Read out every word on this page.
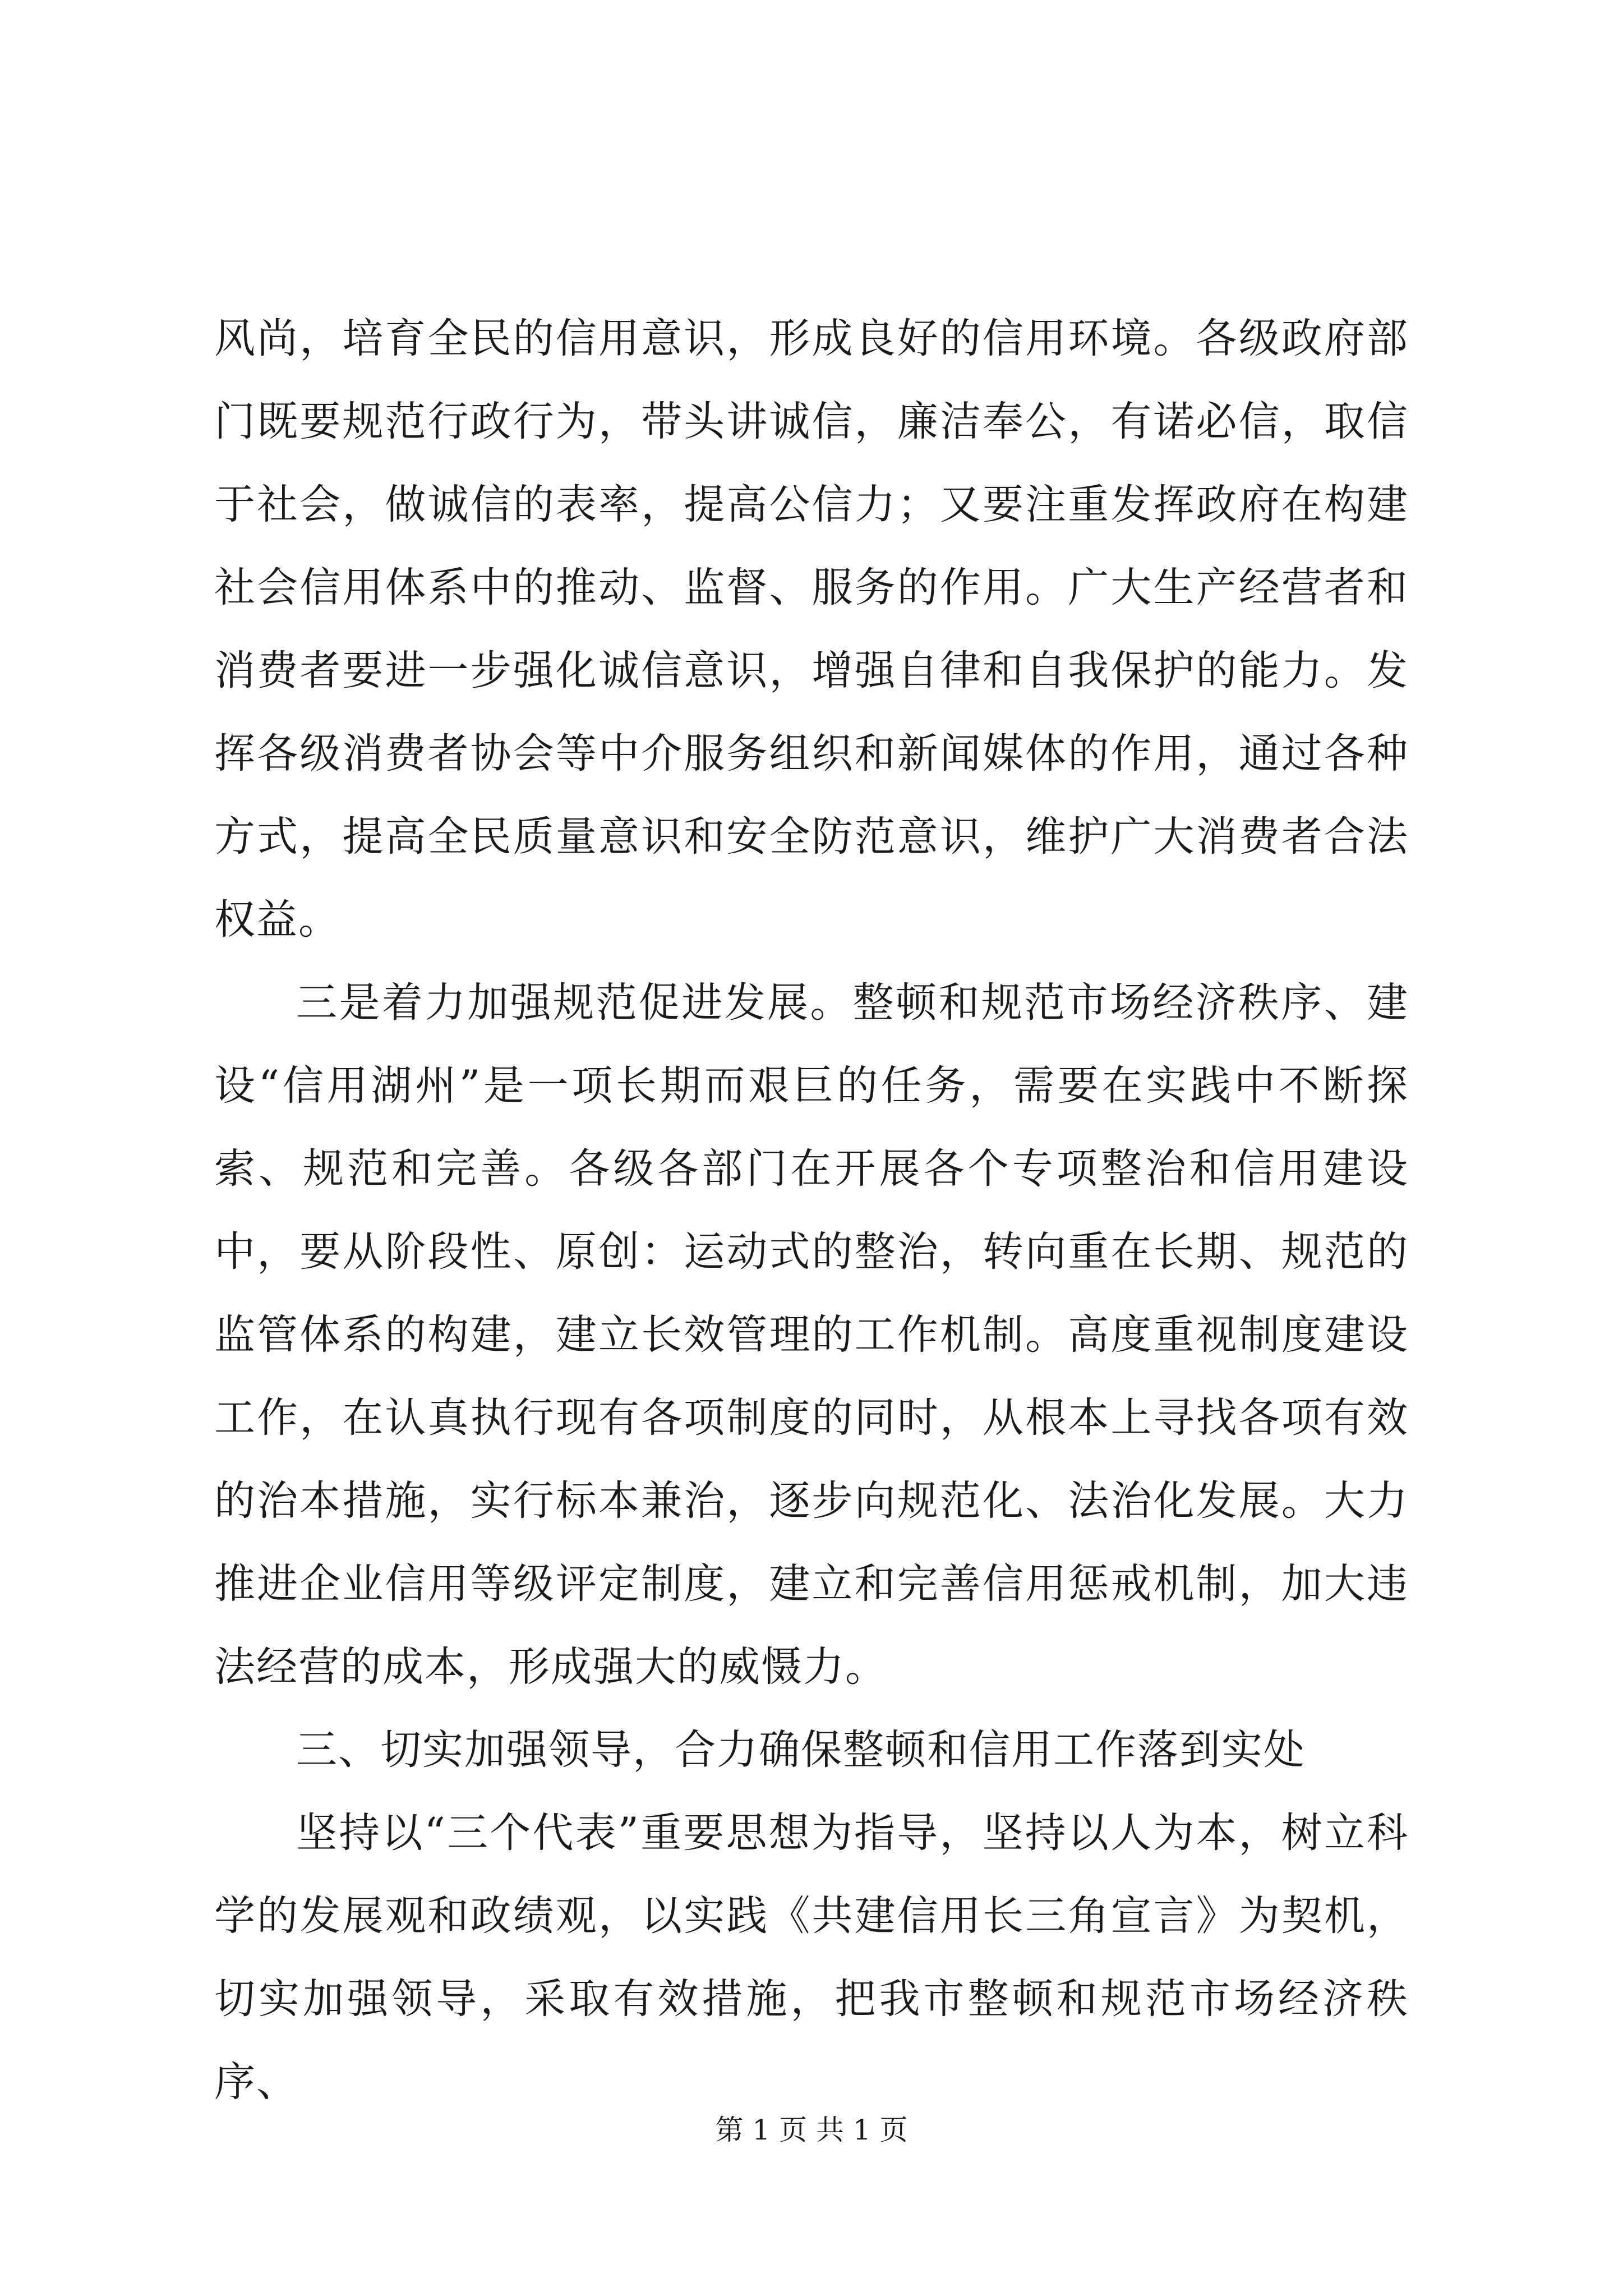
风尚，培育全民的信用意识，形成良好的信用环境。各级政府部门既要规范行政行为，带头讲诚信，廉洁奉公，有诺必信，取信于社会，做诚信的表率，提高公信力；又要注重发挥政府在构建社会信用体系中的推动、监督、服务的作用。广大生产经营者和消费者要进一步强化诚信意识，增强自律和自我保护的能力。发挥各级消费者协会等中介服务组织和新闻媒体的作用，通过各种方式，提高全民质量意识和安全防范意识，维护广大消费者合法权益。

三是着力加强规范促进发展。整顿和规范市场经济秩序、建设“信用湖州”是一项长期而艰巨的任务，需要在实践中不断探索、规范和完善。各级各部门在开展各个专项整治和信用建设中，要从阶段性、原创：运动式的整治，转向重在长期、规范的监管体系的构建，建立长效管理的工作机制。高度重视制度建设工作，在认真执行现有各项制度的同时，从根本上寻找各项有效的治本措施，实行标本兼治，逐步向规范化、法治化发展。大力推进企业信用等级评定制度，建立和完善信用惩戒机制，加大违法经营的成本，形成强大的威慑力。

三、切实加强领导，合力确保整顿和信用工作落到实处

坚持以“三个代表”重要思想为指导，坚持以人为本，树立科学的发展观和政绩观，以实践《共建信用长三角宣言》为契机，切实加强领导，采取有效措施，把我市整顿和规范市场经济秩序、

第 1 页 共 1 页
